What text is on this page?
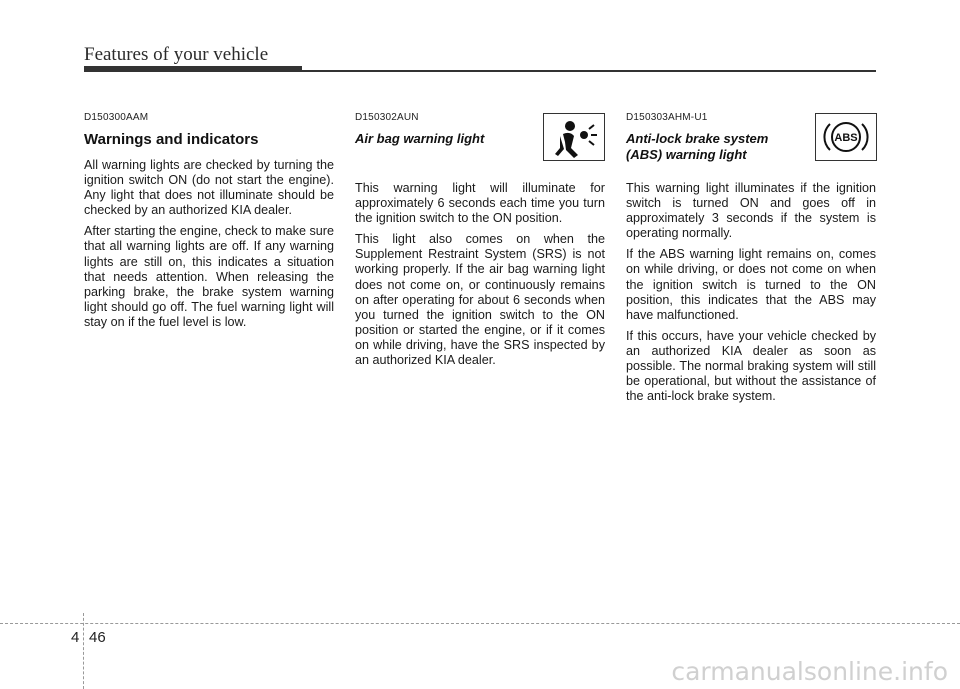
Features of your vehicle

D150300AAM

Warnings and indicators

All warning lights are checked by turning the ignition switch ON (do not start the engine). Any light that does not illuminate should be checked by an authorized KIA dealer.

After starting the engine, check to make sure that all warning lights are off. If any warning lights are still on, this indicates a situation that needs attention. When releasing the parking brake, the brake system warning light should go off. The fuel warning light will stay on if the fuel level is low.

D150302AUN

Air bag warning light

This warning light will illuminate for approximately 6 seconds each time you turn the ignition switch to the ON position.

This light also comes on when the Supplement Restraint System (SRS) is not working properly. If the air bag warning light does not come on, or continuously remains on after operating for about 6 seconds when you turned the ignition switch to the ON position or started the engine, or if it comes on while driving, have the SRS inspected by an authorized KIA dealer.

D150303AHM-U1

Anti-lock brake system

(ABS) warning light

This warning light illuminates if the ignition switch is turned ON and goes off in approximately 3 seconds if the system is operating normally.

If the ABS warning light remains on, comes on while driving, or does not come on when the ignition switch is turned to the ON position, this indicates that the ABS may have malfunctioned.

If this occurs, have your vehicle checked by an authorized KIA dealer as soon as possible. The normal braking system will still be operational, but without the assistance of the anti-lock brake system.

ABS
4 46
carmanualsonline.info
